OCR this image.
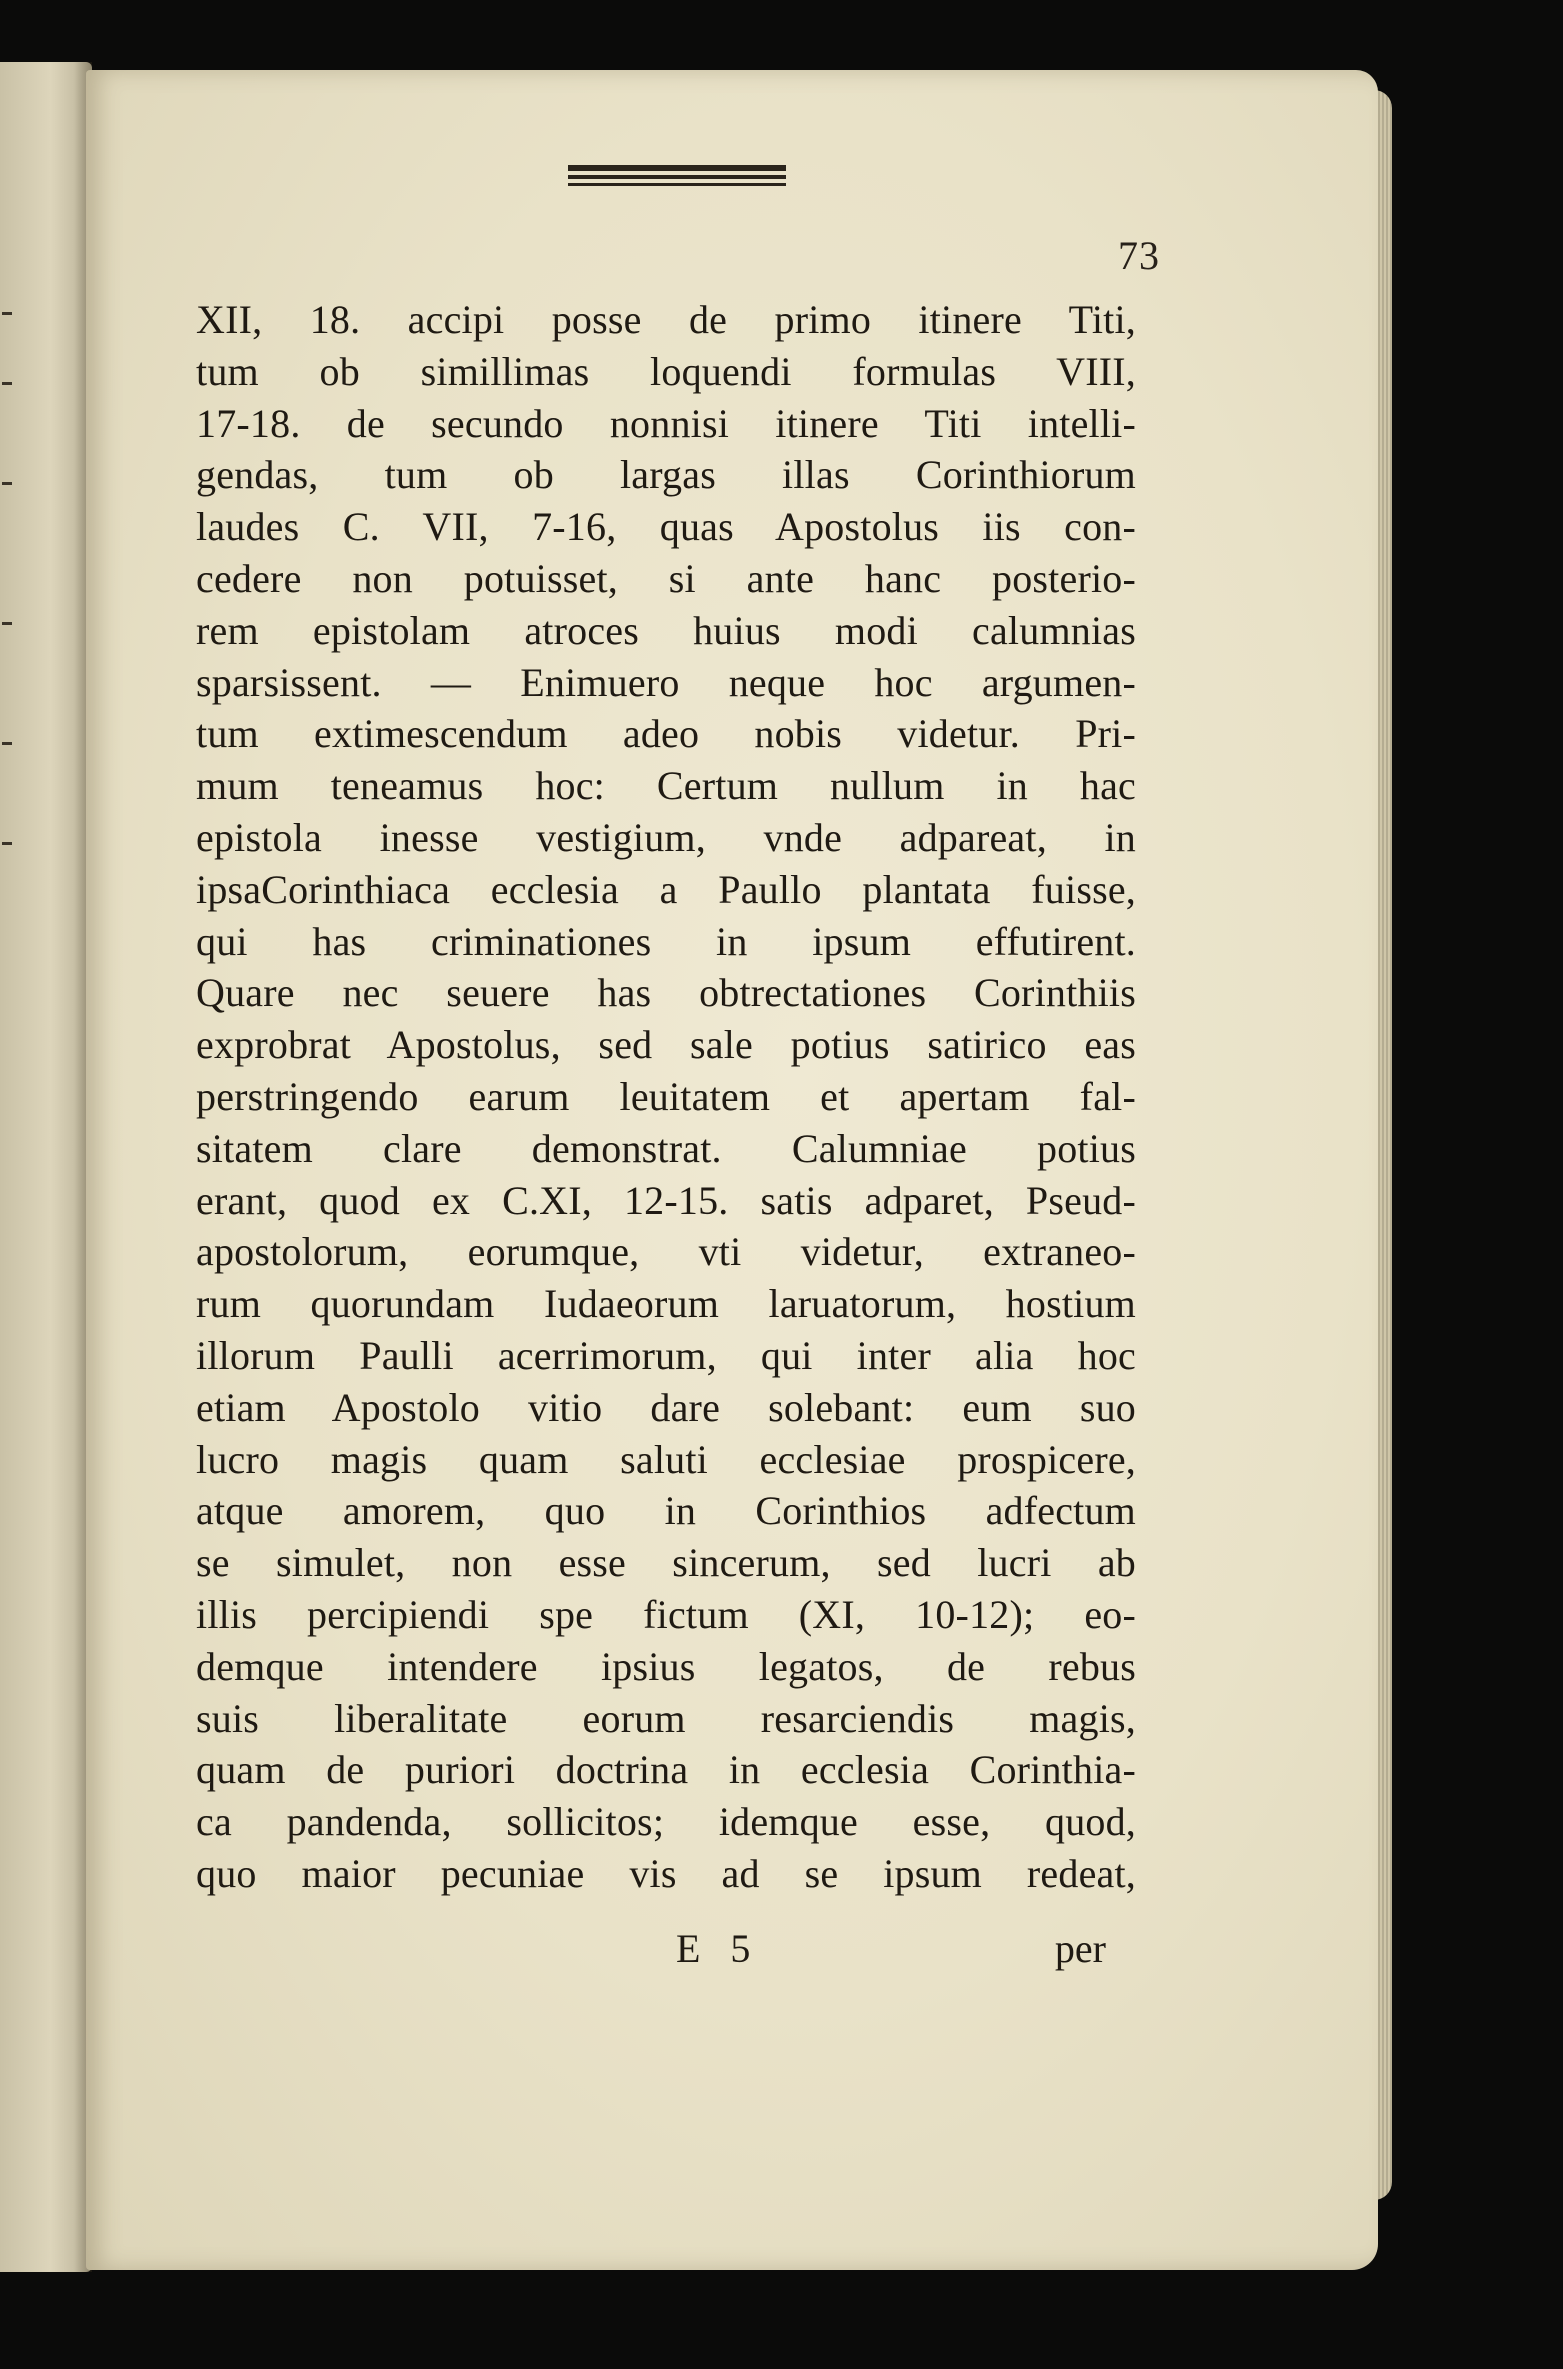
73
XII, 18. accipi posse de primo itinere Titi,
tum ob simillimas loquendi formulas VIII,
17-18. de secundo nonnisi itinere Titi intelli-
gendas, tum ob largas illas Corinthiorum
laudes C. VII, 7-16, quas Apostolus iis con-
cedere non potuisset, si ante hanc posterio-
rem epistolam atroces huius modi calumnias
sparsissent. — Enimuero neque hoc argumen-
tum extimescendum adeo nobis videtur. Pri-
mum teneamus hoc: Certum nullum in hac
epistola inesse vestigium, vnde adpareat, in
ipsaCorinthiaca ecclesia a Paullo plantata fuisse,
qui has criminationes in ipsum effutirent.
Quare nec seuere has obtrectationes Corinthiis
exprobrat Apostolus, sed sale potius satirico eas
perstringendo earum leuitatem et apertam fal-
sitatem clare demonstrat. Calumniae potius
erant, quod ex C.XI, 12-15. satis adparet, Pseud-
apostolorum, eorumque, vti videtur, extraneo-
rum quorundam Iudaeorum laruatorum, hostium
illorum Paulli acerrimorum, qui inter alia hoc
etiam Apostolo vitio dare solebant: eum suo
lucro magis quam saluti ecclesiae prospicere,
atque amorem, quo in Corinthios adfectum
se simulet, non esse sincerum, sed lucri ab
illis percipiendi spe fictum (XI, 10-12); eo-
demque intendere ipsius legatos, de rebus
suis liberalitate eorum resarciendis magis,
quam de puriori doctrina in ecclesia Corinthia-
ca pandenda, sollicitos; idemque esse, quod,
quo maior pecuniae vis ad se ipsum redeat,
E 5	per
